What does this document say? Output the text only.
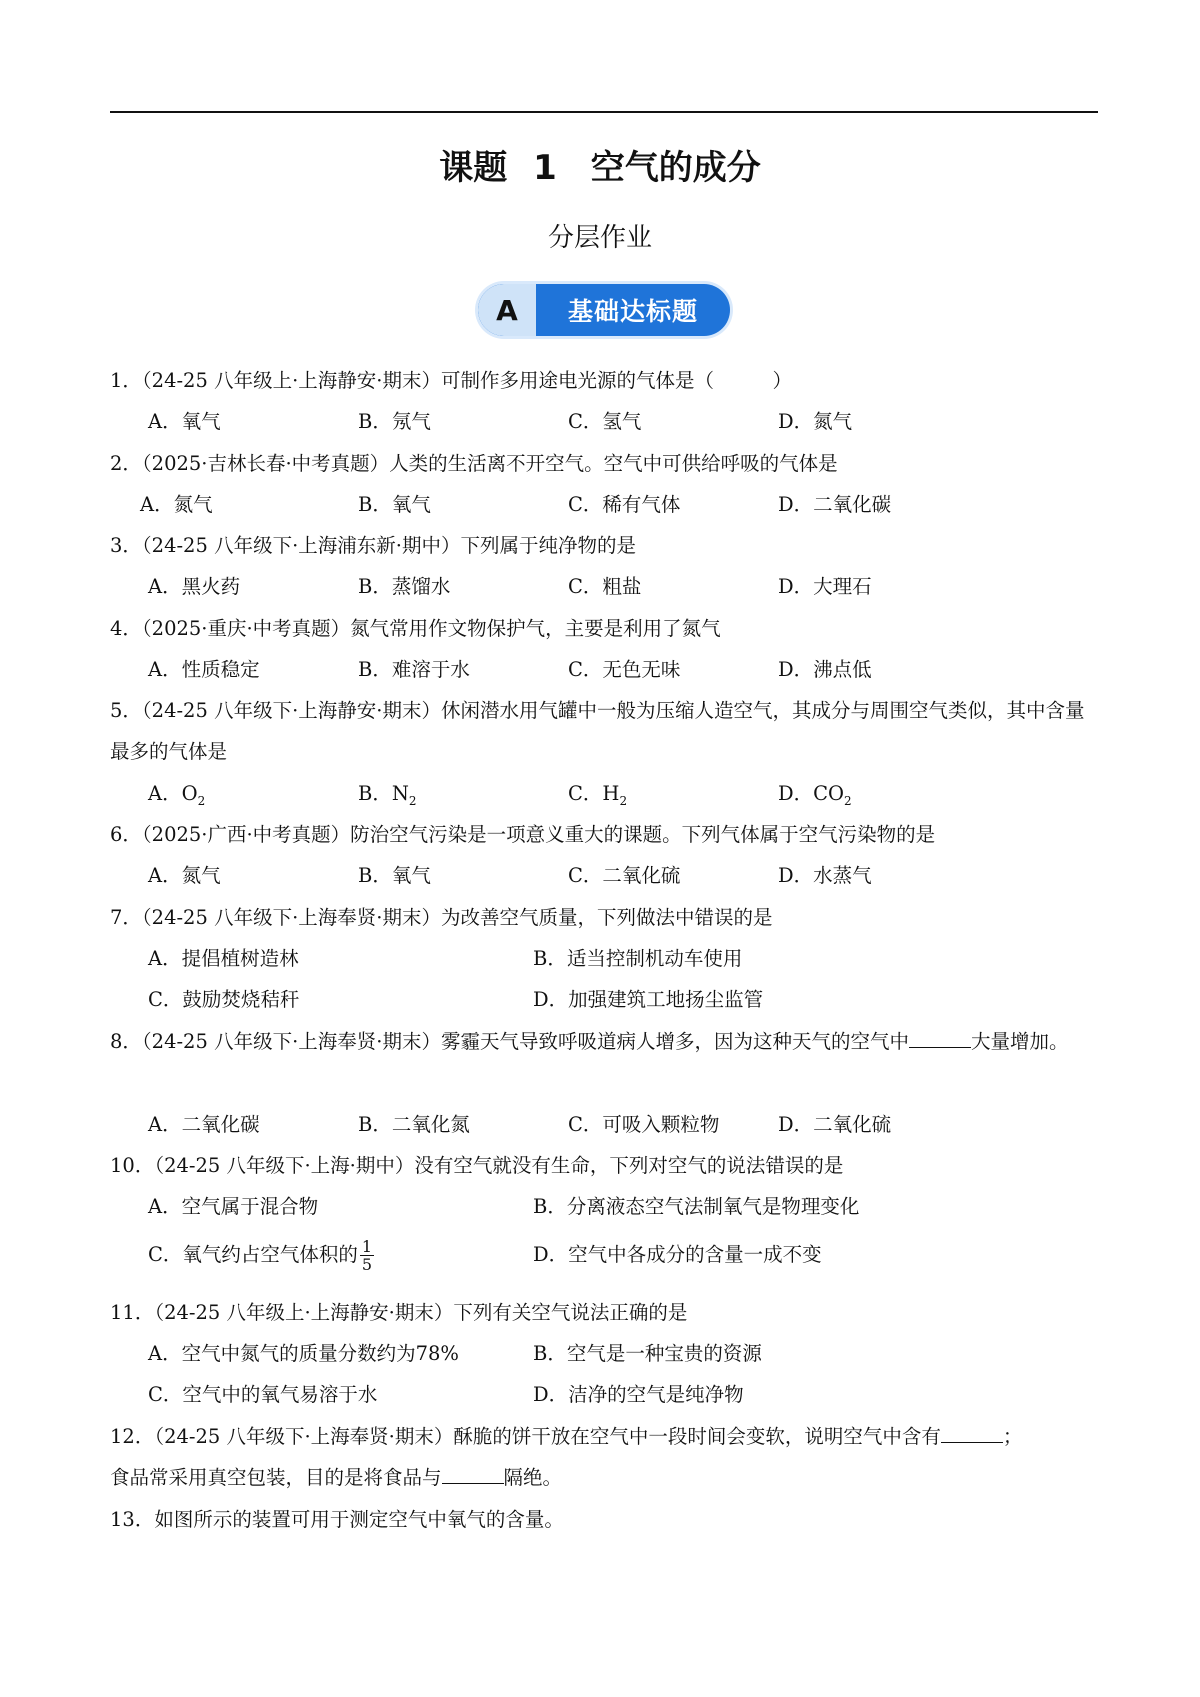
课题 1　空气的成分
分层作业
A	基础达标题
1．（24-25 八年级上·上海静安·期末）可制作多用途电光源的气体是（　　　）
A．氧气	B．氖气	C．氢气	D．氮气
2．（2025·吉林长春·中考真题）人类的生活离不开空气。空气中可供给呼吸的气体是
A．氮气	B．氧气	C．稀有气体	D．二氧化碳
3．（24-25 八年级下·上海浦东新·期中）下列属于纯净物的是
A．黑火药	B．蒸馏水	C．粗盐	D．大理石
4．（2025·重庆·中考真题）氮气常用作文物保护气，主要是利用了氮气
A．性质稳定	B．难溶于水	C．无色无味	D．沸点低
5．（24-25 八年级下·上海静安·期末）休闲潜水用气罐中一般为压缩人造空气，其成分与周围空气类似，其中含量最多的气体是
A．$O_2$	B．$N_2$	C．$H_2$	D．$CO_2$
6．（2025·广西·中考真题）防治空气污染是一项意义重大的课题。下列气体属于空气污染物的是
A．氮气	B．氧气	C．二氧化硫	D．水蒸气
7．（24-25 八年级下·上海奉贤·期末）为改善空气质量，下列做法中错误的是
A．提倡植树造林	B．适当控制机动车使用
C．鼓励焚烧秸秆	D．加强建筑工地扬尘监管
8．（24-25 八年级下·上海奉贤·期末）雾霾天气导致呼吸道病人增多，因为这种天气的空气中	大量增加。
A．二氧化碳	B．二氧化氮	C．可吸入颗粒物	D．二氧化硫
10．（24-25 八年级下·上海·期中）没有空气就没有生命，下列对空气的说法错误的是
A．空气属于混合物	B．分离液态空气法制氧气是物理变化
C．氧气约占空气体积的 $\frac{1}{5}$	D．空气中各成分的含量一成不变
11．（24-25 八年级上·上海静安·期末）下列有关空气说法正确的是
A．空气中氮气的质量分数约为78%	B．空气是一种宝贵的资源
C．空气中的氧气易溶于水	D．洁净的空气是纯净物
12．（24-25 八年级下·上海奉贤·期末）酥脆的饼干放在空气中一段时间会变软，说明空气中含有	；
食品常采用真空包装，目的是将食品与	隔绝。
13．如图所示的装置可用于测定空气中氧气的含量。
